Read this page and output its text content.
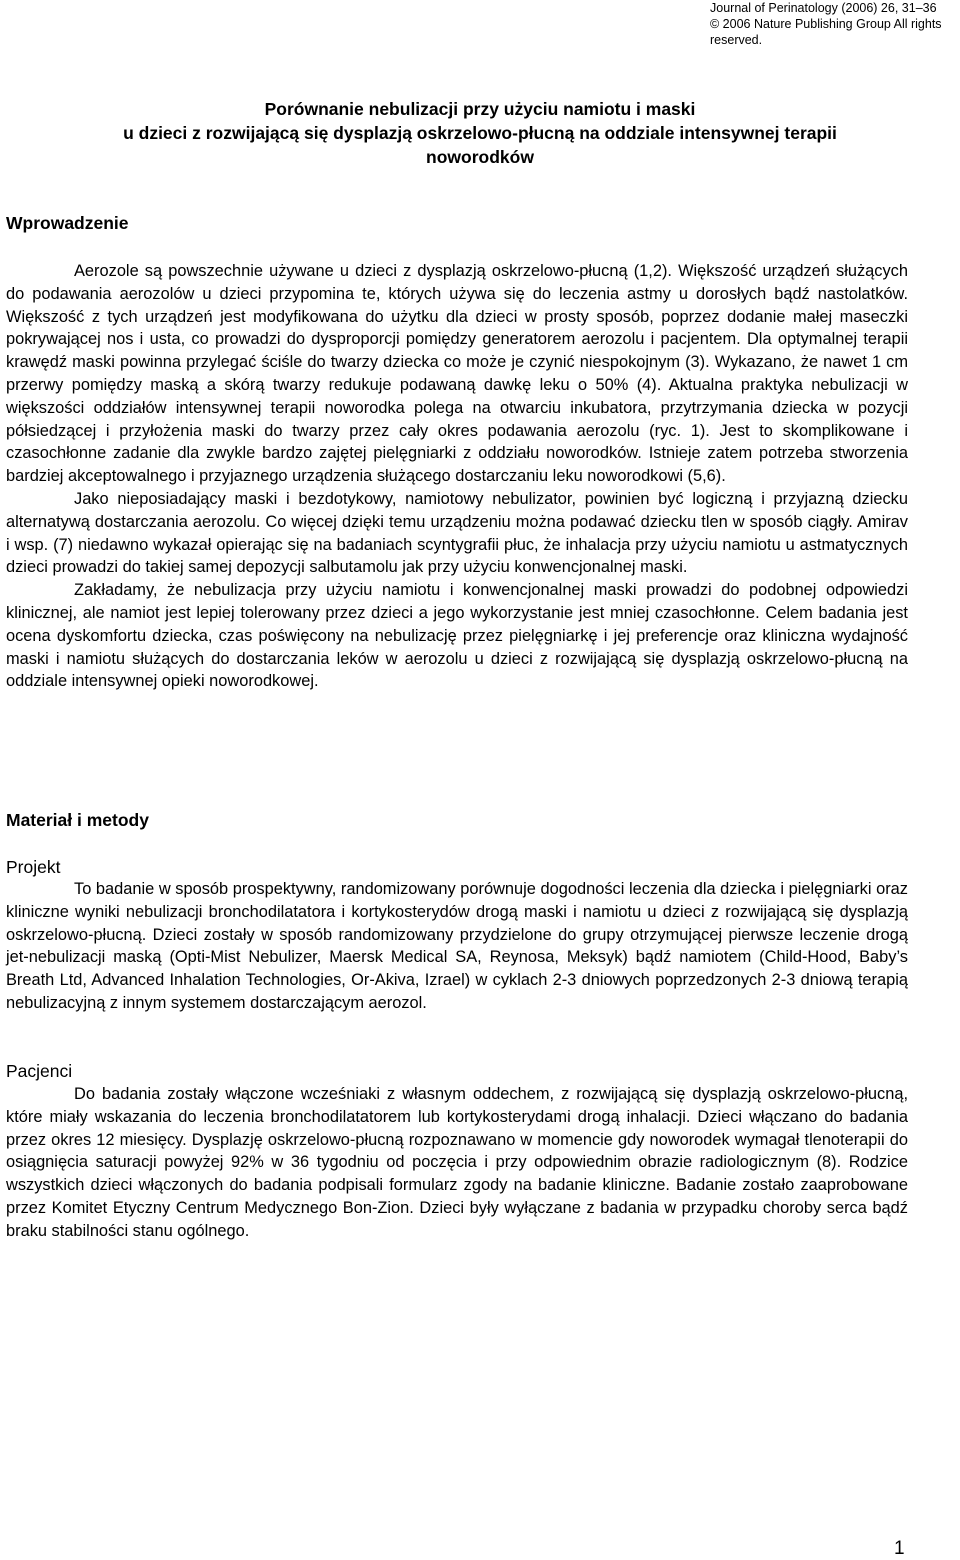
Journal of Perinatology (2006) 26, 31–36
© 2006 Nature Publishing Group All rights reserved.
Porównanie nebulizacji przy użyciu namiotu i maski
u dzieci z rozwijającą się dysplazją oskrzelowo-płucną na oddziale intensywnej terapii
noworodków
Wprowadzenie

Aerozole są powszechnie używane u dzieci z dysplazją oskrzelowo-płucną (1,2). Większość urządzeń służących do podawania aerozolów u dzieci przypomina te, których używa się do leczenia astmy u dorosłych bądź nastolatków. Większość z tych urządzeń jest modyfikowana do użytku dla dzieci w prosty sposób, poprzez dodanie małej maseczki pokrywającej nos i usta, co prowadzi do dysproporcji pomiędzy generatorem aerozolu i pacjentem. Dla optymalnej terapii krawędź maski powinna przylegać ściśle do twarzy dziecka co może je czynić niespokojnym (3). Wykazano, że nawet 1 cm przerwy pomiędzy maską a skórą twarzy redukuje podawaną dawkę leku o 50% (4). Aktualna praktyka nebulizacji w większości oddziałów intensywnej terapii noworodka polega na otwarciu inkubatora, przytrzymania dziecka w pozycji półsiedzącej i przyłożenia maski do twarzy przez cały okres podawania aerozolu (ryc. 1). Jest to skomplikowane i czasochłonne zadanie dla zwykle bardzo zajętej pielęgniarki z oddziału noworodków. Istnieje zatem potrzeba stworzenia bardziej akceptowalnego i przyjaznego urządzenia służącego dostarczaniu leku noworodkowi (5,6).

Jako nieposiadający maski i bezdotykowy, namiotowy nebulizator, powinien być logiczną i przyjazną dziecku alternatywą dostarczania aerozolu. Co więcej dzięki temu urządzeniu można podawać dziecku tlen w sposób ciągły. Amirav i wsp. (7) niedawno wykazał opierając się na badaniach scyntygrafii płuc, że inhalacja przy użyciu namiotu u astmatycznych dzieci prowadzi do takiej samej depozycji salbutamolu jak przy użyciu konwencjonalnej maski.

Zakładamy, że nebulizacja przy użyciu namiotu i konwencjonalnej maski prowadzi do podobnej odpowiedzi klinicznej, ale namiot jest lepiej tolerowany przez dzieci a jego wykorzystanie jest mniej czasochłonne. Celem badania jest ocena dyskomfortu dziecka, czas poświęcony na nebulizację przez pielęgniarkę i jej preferencje oraz kliniczna wydajność maski i namiotu służących do dostarczania leków w aerozolu u dzieci z rozwijającą się dysplazją oskrzelowo-płucną na oddziale intensywnej opieki noworodkowej.

Materiał i metody
Projekt

To badanie w sposób prospektywny, randomizowany porównuje dogodności leczenia dla dziecka i pielęgniarki oraz kliniczne wyniki nebulizacji bronchodilatatora i kortykosterydów drogą maski i namiotu u dzieci z rozwijającą się dysplazją oskrzelowo-płucną. Dzieci zostały w sposób randomizowany przydzielone do grupy otrzymującej pierwsze leczenie drogą jet-nebulizacji maską (Opti-Mist Nebulizer, Maersk Medical SA, Reynosa, Meksyk) bądź namiotem (Child-Hood, Baby’s Breath Ltd, Advanced Inhalation Technologies, Or-Akiva, Izrael) w cyklach 2-3 dniowych poprzedzonych 2-3 dniową terapią nebulizacyjną z innym systemem dostarczającym aerozol.

Pacjenci

Do badania zostały włączone wcześniaki z własnym oddechem, z rozwijającą się dysplazją oskrzelowo-płucną, które miały wskazania do leczenia bronchodilatatorem lub kortykosterydami drogą inhalacji. Dzieci włączano do badania przez okres 12 miesięcy. Dysplazję oskrzelowo-płucną rozpoznawano w momencie gdy noworodek wymagał tlenoterapii do osiągnięcia saturacji powyżej 92% w 36 tygodniu od poczęcia i przy odpowiednim obrazie radiologicznym (8). Rodzice wszystkich dzieci włączonych do badania podpisali formularz zgody na badanie kliniczne. Badanie zostało zaaprobowane przez Komitet Etyczny Centrum Medycznego Bon-Zion. Dzieci były wyłączane z badania w przypadku choroby serca bądź braku stabilności stanu ogólnego.

1
